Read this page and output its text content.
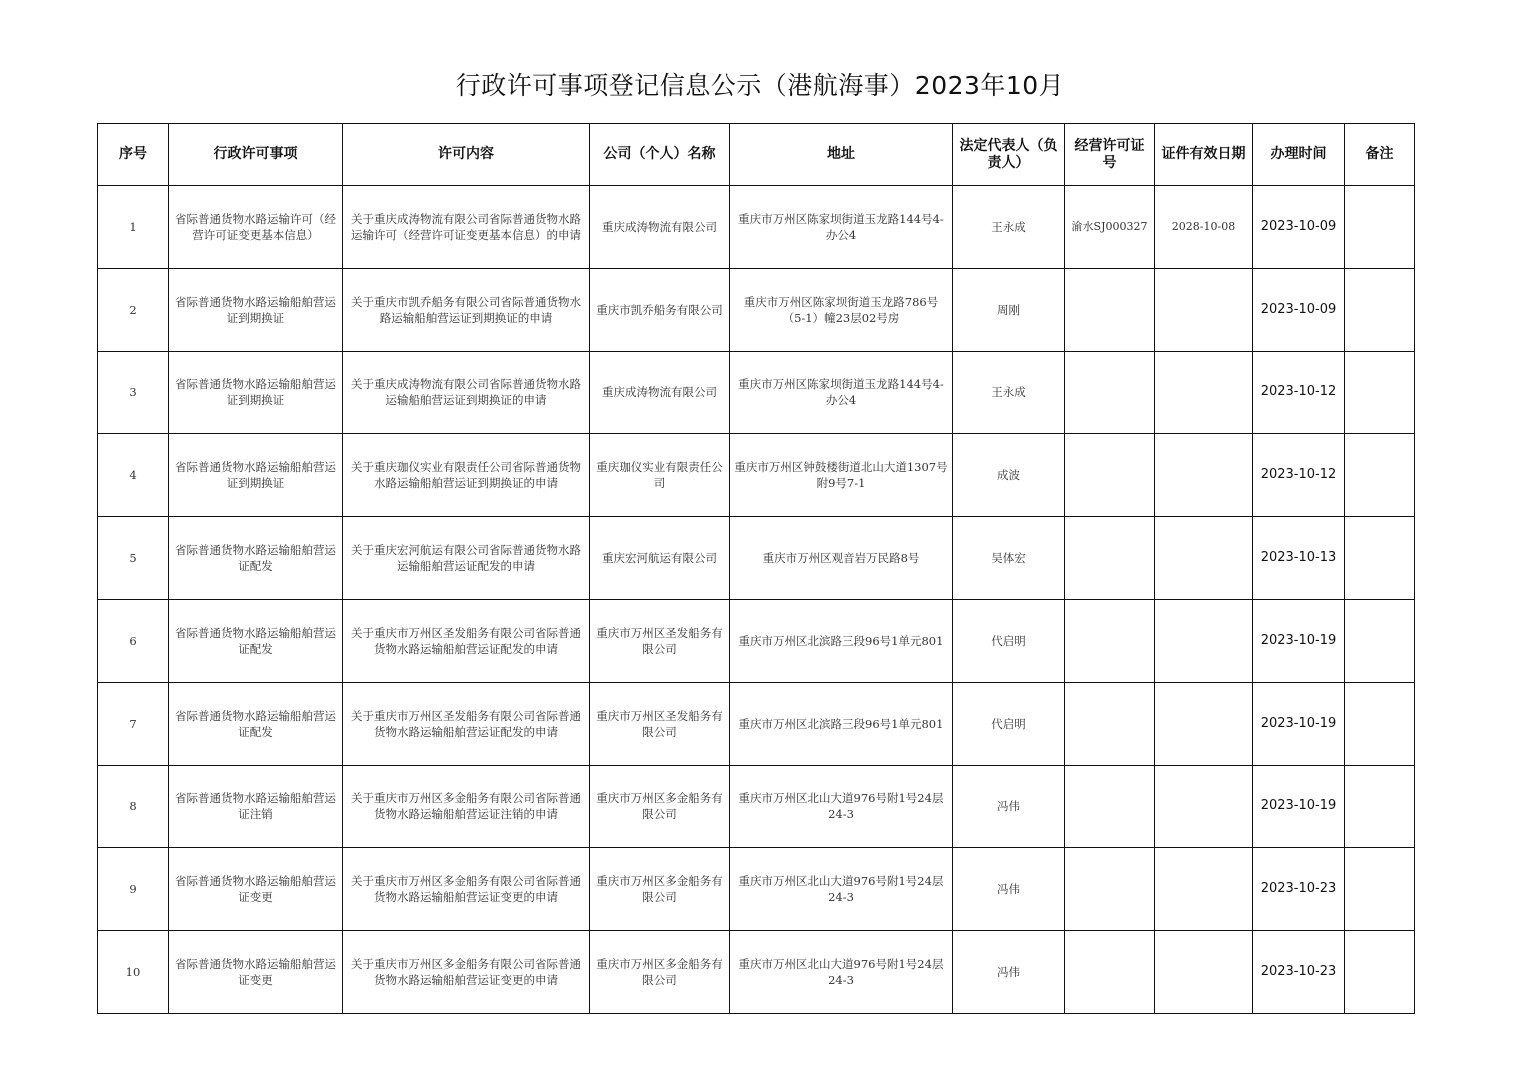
行政许可事项登记信息公示（港航海事）2023年10月
序号	行政许可事项	许可内容	公司（个人）名称	地址	法定代表人（负责人）	经营许可证号	证件有效日期	办理时间	备注
1	省际普通货物水路运输许可（经营许可证变更基本信息）	关于重庆成涛物流有限公司省际普通货物水路运输许可（经营许可证变更基本信息）的申请	重庆成涛物流有限公司	重庆市万州区陈家坝街道玉龙路144号4-办公4	王永成	渝水SJ000327	2028-10-08	2023-10-09	
2	省际普通货物水路运输船舶营运证到期换证	关于重庆市凯乔船务有限公司省际普通货物水路运输船舶营运证到期换证的申请	重庆市凯乔船务有限公司	重庆市万州区陈家坝街道玉龙路786号（5-1）幢23层02号房	周刚			2023-10-09	
3	省际普通货物水路运输船舶营运证到期换证	关于重庆成涛物流有限公司省际普通货物水路运输船舶营运证到期换证的申请	重庆成涛物流有限公司	重庆市万州区陈家坝街道玉龙路144号4-办公4	王永成			2023-10-12	
4	省际普通货物水路运输船舶营运证到期换证	关于重庆珈仪实业有限责任公司省际普通货物水路运输船舶营运证到期换证的申请	重庆珈仪实业有限责任公司	重庆市万州区钟鼓楼街道北山大道1307号附9号7-1	成波			2023-10-12	
5	省际普通货物水路运输船舶营运证配发	关于重庆宏河航运有限公司省际普通货物水路运输船舶营运证配发的申请	重庆宏河航运有限公司	重庆市万州区观音岩万民路8号	吴体宏			2023-10-13	
6	省际普通货物水路运输船舶营运证配发	关于重庆市万州区圣发船务有限公司省际普通货物水路运输船舶营运证配发的申请	重庆市万州区圣发船务有限公司	重庆市万州区北滨路三段96号1单元801	代启明			2023-10-19	
7	省际普通货物水路运输船舶营运证配发	关于重庆市万州区圣发船务有限公司省际普通货物水路运输船舶营运证配发的申请	重庆市万州区圣发船务有限公司	重庆市万州区北滨路三段96号1单元801	代启明			2023-10-19	
8	省际普通货物水路运输船舶营运证注销	关于重庆市万州区多金船务有限公司省际普通货物水路运输船舶营运证注销的申请	重庆市万州区多金船务有限公司	重庆市万州区北山大道976号附1号24层24-3	冯伟			2023-10-19	
9	省际普通货物水路运输船舶营运证变更	关于重庆市万州区多金船务有限公司省际普通货物水路运输船舶营运证变更的申请	重庆市万州区多金船务有限公司	重庆市万州区北山大道976号附1号24层24-3	冯伟			2023-10-23	
10	省际普通货物水路运输船舶营运证变更	关于重庆市万州区多金船务有限公司省际普通货物水路运输船舶营运证变更的申请	重庆市万州区多金船务有限公司	重庆市万州区北山大道976号附1号24层24-3	冯伟			2023-10-23	
